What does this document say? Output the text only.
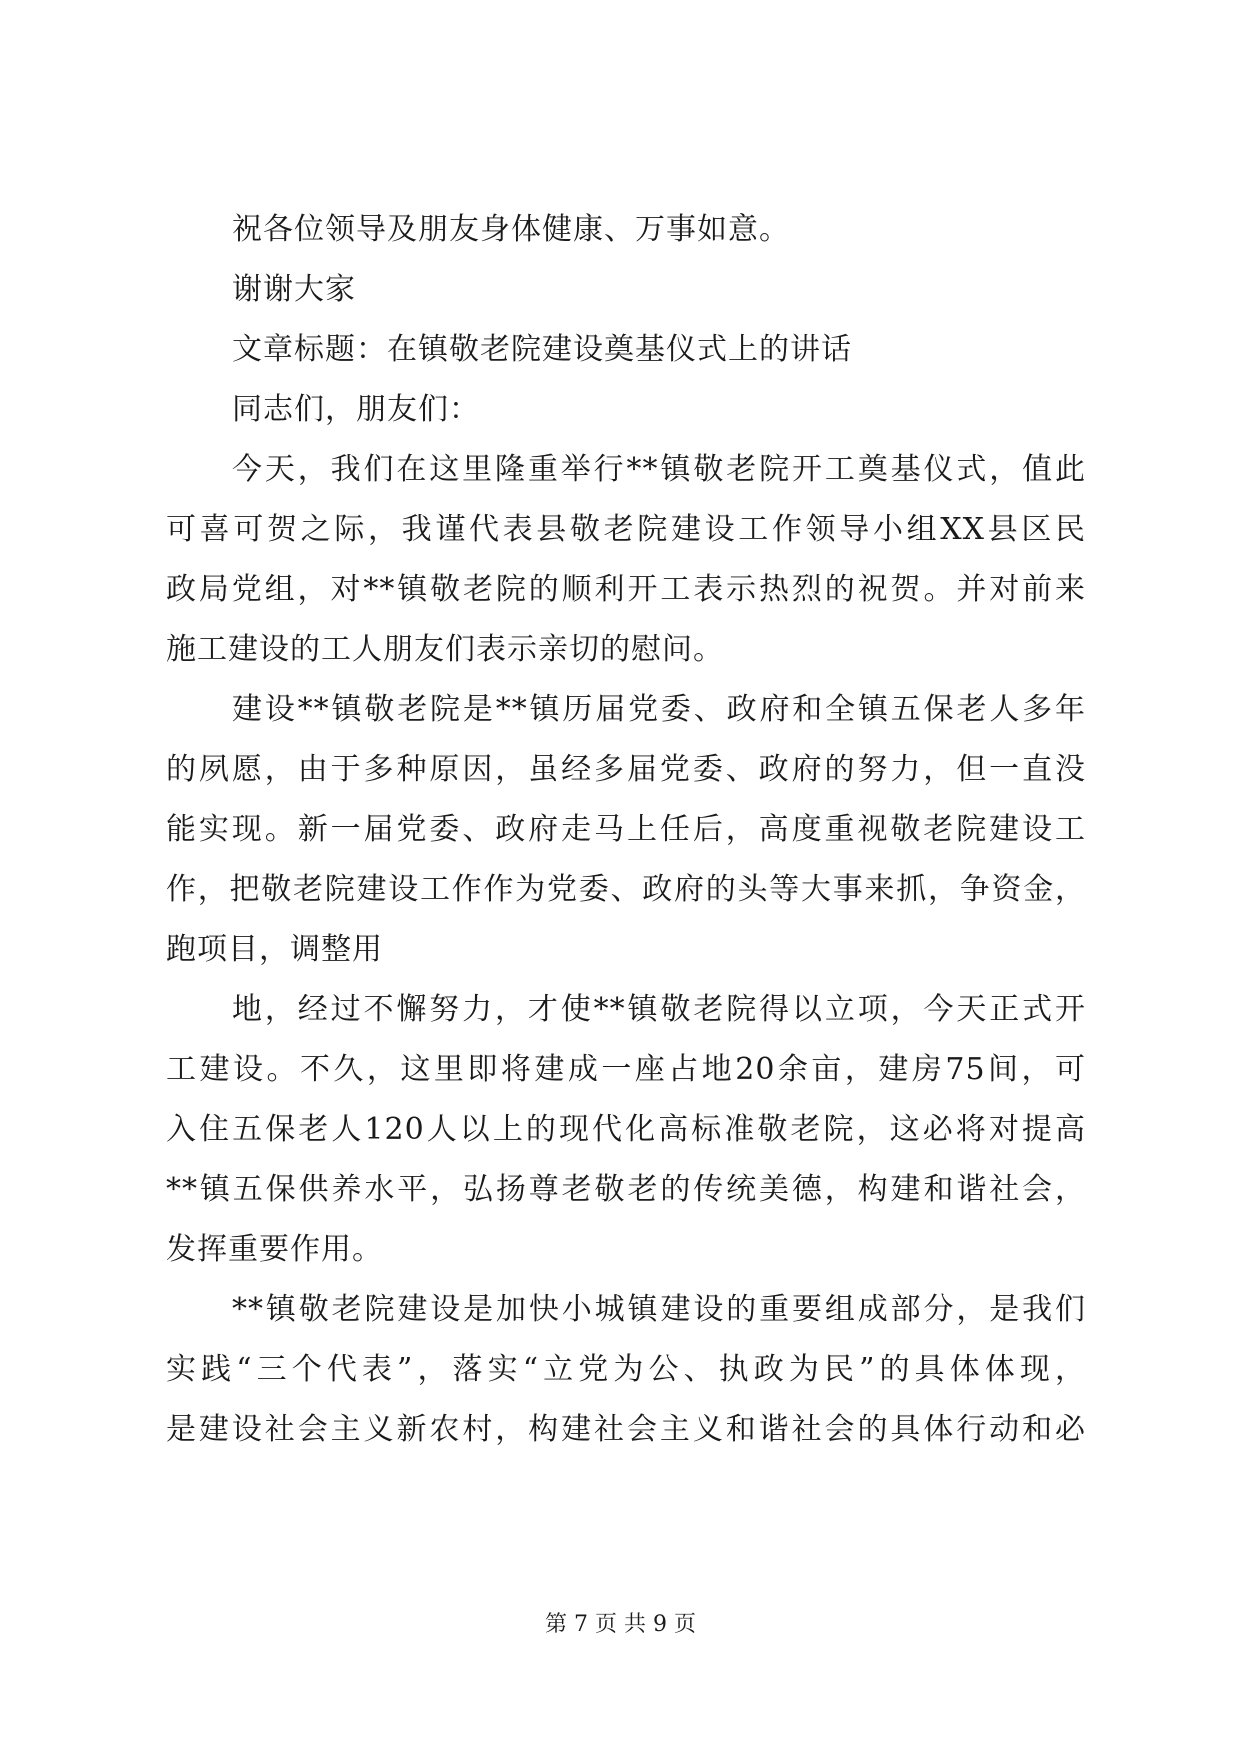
祝各位领导及朋友身体健康、万事如意。
谢谢大家
文章标题：在镇敬老院建设奠基仪式上的讲话
同志们，朋友们：
今天，我们在这里隆重举行**镇敬老院开工奠基仪式，值此
可喜可贺之际，我谨代表县敬老院建设工作领导小组XX县区民
政局党组，对**镇敬老院的顺利开工表示热烈的祝贺。并对前来
施工建设的工人朋友们表示亲切的慰问。
建设**镇敬老院是**镇历届党委、政府和全镇五保老人多年
的夙愿，由于多种原因，虽经多届党委、政府的努力，但一直没
能实现。新一届党委、政府走马上任后，高度重视敬老院建设工
作，把敬老院建设工作作为党委、政府的头等大事来抓，争资金，
跑项目，调整用
地，经过不懈努力，才使**镇敬老院得以立项，今天正式开
工建设。不久，这里即将建成一座占地20余亩，建房75间，可
入住五保老人120人以上的现代化高标准敬老院，这必将对提高
**镇五保供养水平，弘扬尊老敬老的传统美德，构建和谐社会，
发挥重要作用。
**镇敬老院建设是加快小城镇建设的重要组成部分，是我们
实践“三个代表”，落实“立党为公、执政为民”的具体体现，
是建设社会主义新农村，构建社会主义和谐社会的具体行动和必
第 7 页 共 9 页
